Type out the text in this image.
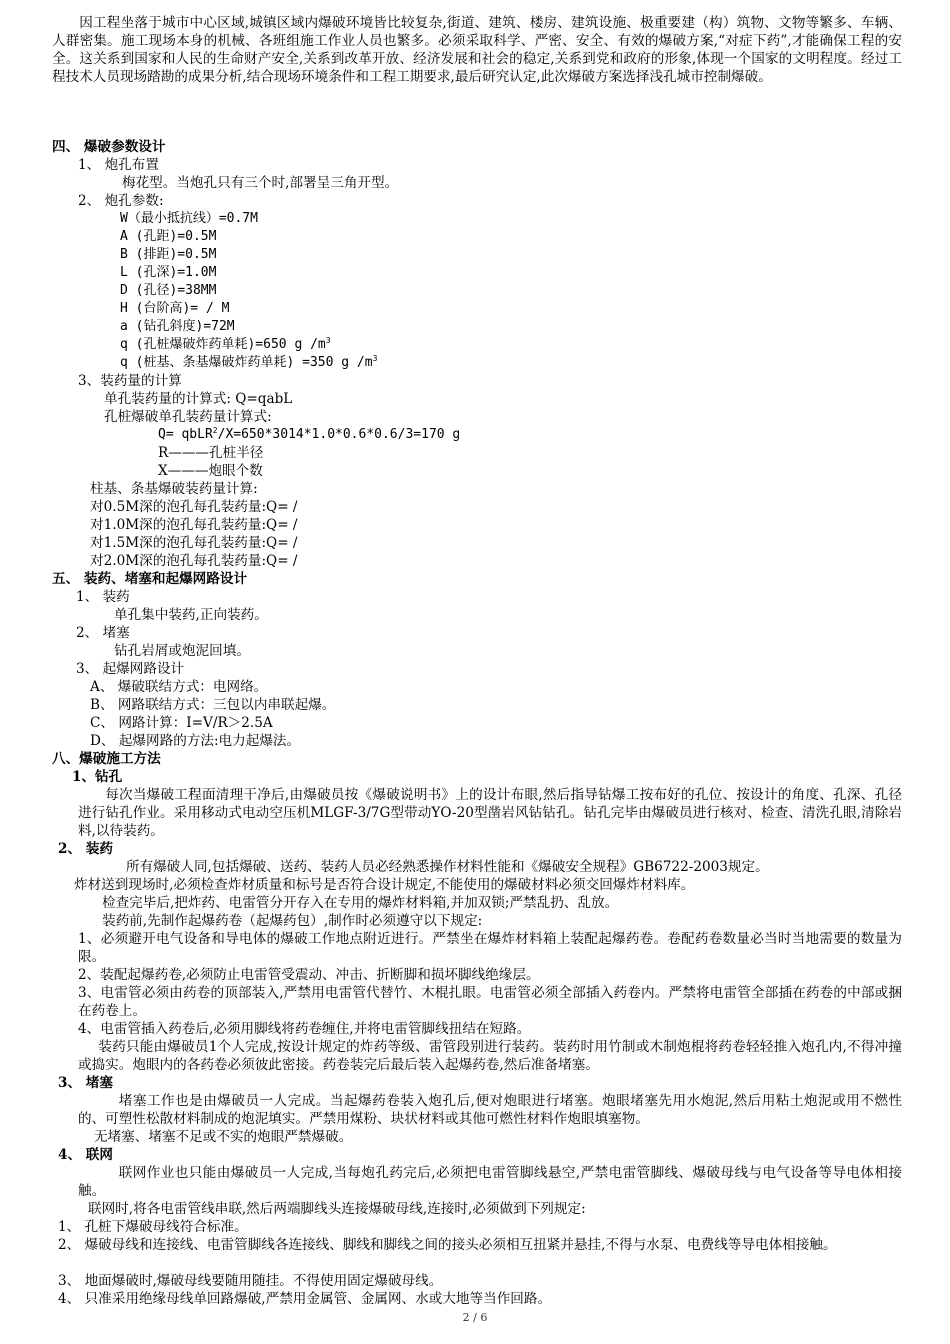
因工程坐落于城市中心区域,城镇区域内爆破环境皆比较复杂,街道、建筑、楼房、建筑设施、极重要建（构）筑物、文物等繁多、车辆、人群密集。施工现场本身的机械、各班组施工作业人员也繁多。必须采取科学、严密、安全、有效的爆破方案,“对症下药”,才能确保工程的安全。这关系到国家和人民的生命财产安全,关系到改革开放、经济发展和社会的稳定,关系到党和政府的形象,体现一个国家的文明程度。经过工程技术人员现场踏勘的成果分析,结合现场环境条件和工程工期要求,最后研究认定,此次爆破方案选择浅孔城市控制爆破。
四、 爆破参数设计
1、 炮孔布置
梅花型。当炮孔只有三个时,部署呈三角开型。
2、 炮孔参数:
W（最小抵抗线）=0.7M
A (孔距)=0.5M
B (排距)=0.5M
L (孔深)=1.0M
D (孔径)=38MM
H (台阶高)= / M
a (钻孔斜度)=72M
q (孔桩爆破炸药单耗)=650 g $/m^3$
q (桩基、条基爆破炸药单耗) =350 g $/m^3$
3、装药量的计算
单孔装药量的计算式: Q=qabL
孔桩爆破单孔装药量计算式:
Q= qbLR$^2$/X=650*3014*1.0*0.6*0.6/3=170 g
R———孔桩半径
X———炮眼个数
柱基、条基爆破装药量计算:
对0.5M深的泡孔每孔装药量:Q= /
对1.0M深的泡孔每孔装药量:Q= /
对1.5M深的泡孔每孔装药量:Q= /
对2.0M深的泡孔每孔装药量:Q= /
五、 装药、堵塞和起爆网路设计
1、 装药
单孔集中装药,正向装药。
2、 堵塞
钻孔岩屑或炮泥回填。
3、 起爆网路设计
A、 爆破联结方式：电网络。
B、 网路联结方式：三包以内串联起爆。
C、 网路计算：I=V/R＞2.5A
D、 起爆网路的方法:电力起爆法。
八、爆破施工方法
1、钻孔
每次当爆破工程面清理干净后,由爆破员按《爆破说明书》上的设计布眼,然后指导钻爆工按布好的孔位、按设计的角度、孔深、孔径进行钻孔作业。采用移动式电动空压机MLGF-3/7G型带动YO-20型凿岩风钻钻孔。钻孔完毕由爆破员进行核对、检查、清洗孔眼,清除岩料,以待装药。
2、 装药
所有爆破人同,包括爆破、送药、装药人员必经熟悉操作材料性能和《爆破安全规程》GB6722-2003规定。
炸材送到现场时,必须检查炸材质量和标号是否符合设计规定,不能使用的爆破材料必须交回爆炸材料库。
检查完毕后,把炸药、电雷管分开存入在专用的爆炸材料箱,并加双锁;严禁乱扔、乱放。
装药前,先制作起爆药卷（起爆药包）,制作时必须遵守以下规定:
1、必须避开电气设备和导电体的爆破工作地点附近进行。严禁坐在爆炸材料箱上装配起爆药卷。卷配药卷数量必当时当地需要的数量为限。
2、装配起爆药卷,必须防止电雷管受震动、冲击、折断脚和损坏脚线绝缘层。
3、电雷管必须由药卷的顶部装入,严禁用电雷管代替竹、木棍扎眼。电雷管必须全部插入药卷内。严禁将电雷管全部插在药卷的中部或捆在药卷上。
4、电雷管插入药卷后,必须用脚线将药卷缠住,并将电雷管脚线扭结在短路。
装药只能由爆破员1个人完成,按设计规定的炸药等级、雷管段别进行装药。装药时用竹制或木制炮棍将药卷轻轻推入炮孔内,不得冲撞或捣实。炮眼内的各药卷必须彼此密接。药卷装完后最后装入起爆药卷,然后准备堵塞。
3、 堵塞
堵塞工作也是由爆破员一人完成。当起爆药卷装入炮孔后,便对炮眼进行堵塞。炮眼堵塞先用水炮泥,然后用粘土炮泥或用不燃性的、可塑性松散材料制成的炮泥填实。严禁用煤粉、块状材料或其他可燃性材料作炮眼填塞物。
无堵塞、堵塞不足或不实的炮眼严禁爆破。
4、 联网
联网作业也只能由爆破员一人完成,当每炮孔药完后,必须把电雷管脚线悬空,严禁电雷管脚线、爆破母线与电气设备等导电体相接触。
联网时,将各电雷管线串联,然后两端脚线头连接爆破母线,连接时,必须做到下列规定:
1、 孔桩下爆破母线符合标准。
2、 爆破母线和连接线、电雷管脚线各连接线、脚线和脚线之间的接头必须相互扭紧并悬挂,不得与水泵、电费线等导电体相接触。
3、 地面爆破时,爆破母线要随用随挂。不得使用固定爆破母线。
4、 只准采用绝缘母线单回路爆破,严禁用金属管、金属网、水或大地等当作回路。
2 / 6
